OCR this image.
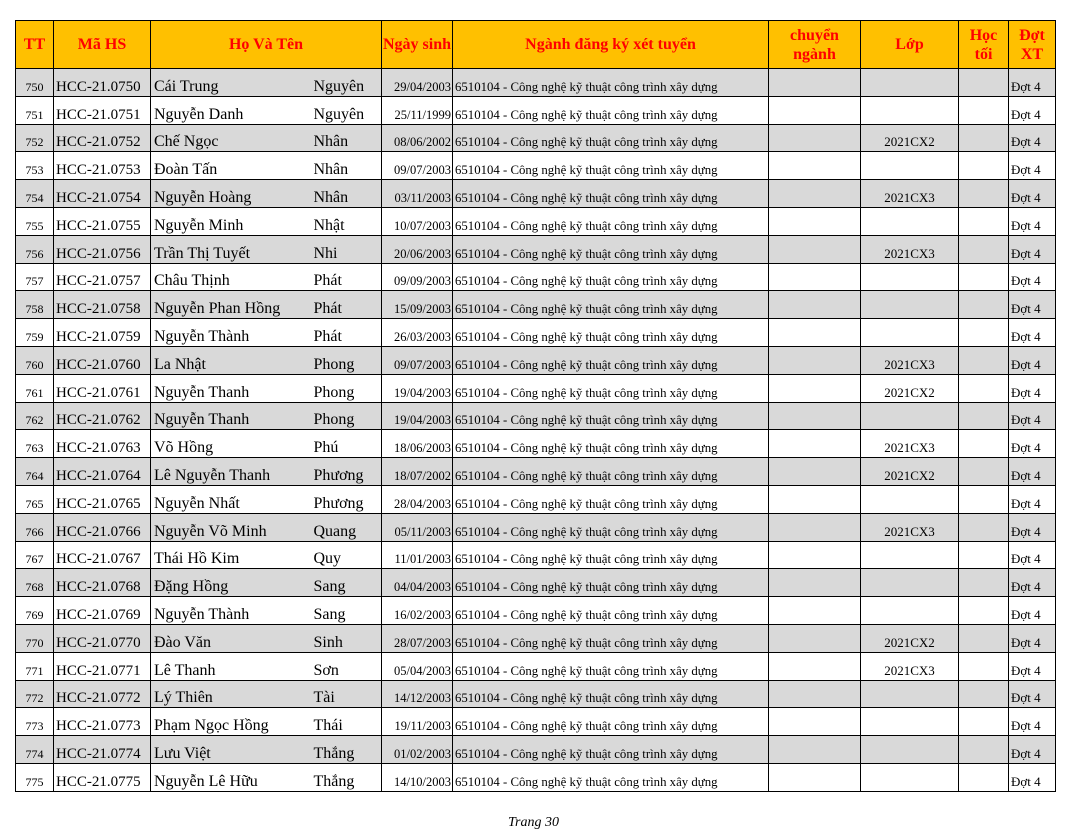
TT	Mã HS	Họ Và Tên		Ngày sinh	Ngành đăng ký xét tuyển	chuyển ngành	Lớp	Học tối	Đợt XT
750	HCC-21.0750	Cái Trung	Nguyên	29/04/2003	6510104 - Công nghệ kỹ thuật công trình xây dựng				Đợt 4
751	HCC-21.0751	Nguyễn Danh	Nguyên	25/11/1999	6510104 - Công nghệ kỹ thuật công trình xây dựng				Đợt 4
752	HCC-21.0752	Chế Ngọc	Nhân	08/06/2002	6510104 - Công nghệ kỹ thuật công trình xây dựng		2021CX2		Đợt 4
753	HCC-21.0753	Đoàn Tấn	Nhân	09/07/2003	6510104 - Công nghệ kỹ thuật công trình xây dựng				Đợt 4
754	HCC-21.0754	Nguyễn Hoàng	Nhân	03/11/2003	6510104 - Công nghệ kỹ thuật công trình xây dựng		2021CX3		Đợt 4
755	HCC-21.0755	Nguyễn Minh	Nhật	10/07/2003	6510104 - Công nghệ kỹ thuật công trình xây dựng				Đợt 4
756	HCC-21.0756	Trần Thị Tuyết	Nhi	20/06/2003	6510104 - Công nghệ kỹ thuật công trình xây dựng		2021CX3		Đợt 4
757	HCC-21.0757	Châu Thịnh	Phát	09/09/2003	6510104 - Công nghệ kỹ thuật công trình xây dựng				Đợt 4
758	HCC-21.0758	Nguyễn Phan Hồng	Phát	15/09/2003	6510104 - Công nghệ kỹ thuật công trình xây dựng				Đợt 4
759	HCC-21.0759	Nguyễn Thành	Phát	26/03/2003	6510104 - Công nghệ kỹ thuật công trình xây dựng				Đợt 4
760	HCC-21.0760	La Nhật	Phong	09/07/2003	6510104 - Công nghệ kỹ thuật công trình xây dựng		2021CX3		Đợt 4
761	HCC-21.0761	Nguyễn Thanh	Phong	19/04/2003	6510104 - Công nghệ kỹ thuật công trình xây dựng		2021CX2		Đợt 4
762	HCC-21.0762	Nguyễn Thanh	Phong	19/04/2003	6510104 - Công nghệ kỹ thuật công trình xây dựng				Đợt 4
763	HCC-21.0763	Võ Hồng	Phú	18/06/2003	6510104 - Công nghệ kỹ thuật công trình xây dựng		2021CX3		Đợt 4
764	HCC-21.0764	Lê Nguyễn Thanh	Phương	18/07/2002	6510104 - Công nghệ kỹ thuật công trình xây dựng		2021CX2		Đợt 4
765	HCC-21.0765	Nguyễn Nhất	Phương	28/04/2003	6510104 - Công nghệ kỹ thuật công trình xây dựng				Đợt 4
766	HCC-21.0766	Nguyễn Võ Minh	Quang	05/11/2003	6510104 - Công nghệ kỹ thuật công trình xây dựng		2021CX3		Đợt 4
767	HCC-21.0767	Thái Hồ Kim	Quy	11/01/2003	6510104 - Công nghệ kỹ thuật công trình xây dựng				Đợt 4
768	HCC-21.0768	Đặng Hồng	Sang	04/04/2003	6510104 - Công nghệ kỹ thuật công trình xây dựng				Đợt 4
769	HCC-21.0769	Nguyễn Thành	Sang	16/02/2003	6510104 - Công nghệ kỹ thuật công trình xây dựng				Đợt 4
770	HCC-21.0770	Đào Văn	Sinh	28/07/2003	6510104 - Công nghệ kỹ thuật công trình xây dựng		2021CX2		Đợt 4
771	HCC-21.0771	Lê Thanh	Sơn	05/04/2003	6510104 - Công nghệ kỹ thuật công trình xây dựng		2021CX3		Đợt 4
772	HCC-21.0772	Lý Thiên	Tài	14/12/2003	6510104 - Công nghệ kỹ thuật công trình xây dựng				Đợt 4
773	HCC-21.0773	Phạm Ngọc Hồng	Thái	19/11/2003	6510104 - Công nghệ kỹ thuật công trình xây dựng				Đợt 4
774	HCC-21.0774	Lưu Việt	Thắng	01/02/2003	6510104 - Công nghệ kỹ thuật công trình xây dựng				Đợt 4
775	HCC-21.0775	Nguyễn Lê Hữu	Thắng	14/10/2003	6510104 - Công nghệ kỹ thuật công trình xây dựng				Đợt 4
Trang 30
